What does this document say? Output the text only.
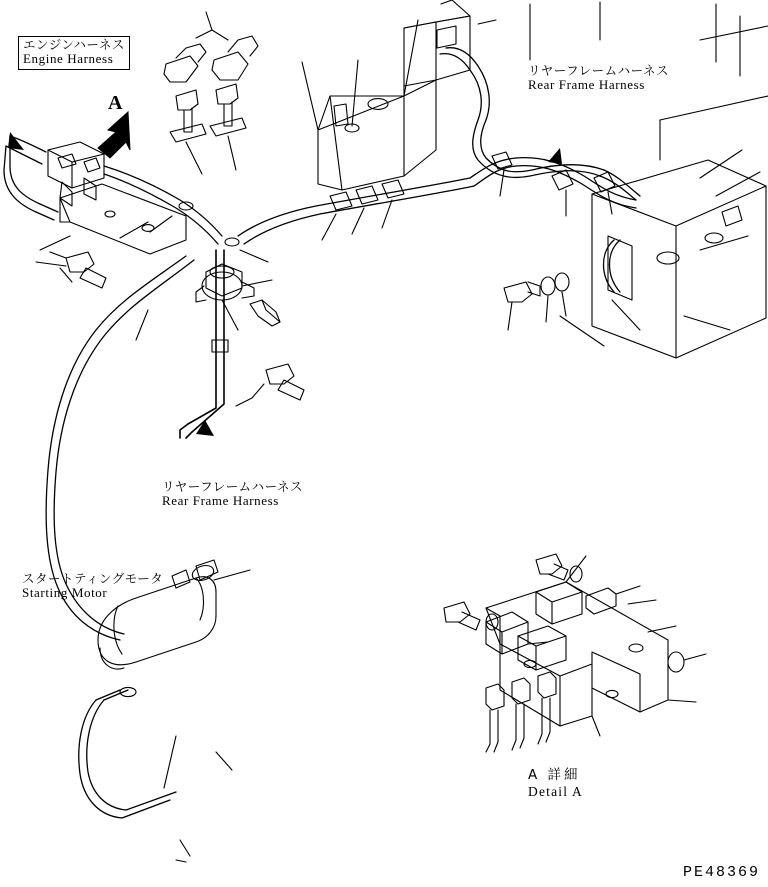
エンジンハーネス
Engine Harness
リヤーフレームハーネス
Rear Frame Harness
リヤーフレームハーネス
Rear Frame Harness
スタートティングモータ
Starting Motor
A
A 詳細
Detail A
PE48369
